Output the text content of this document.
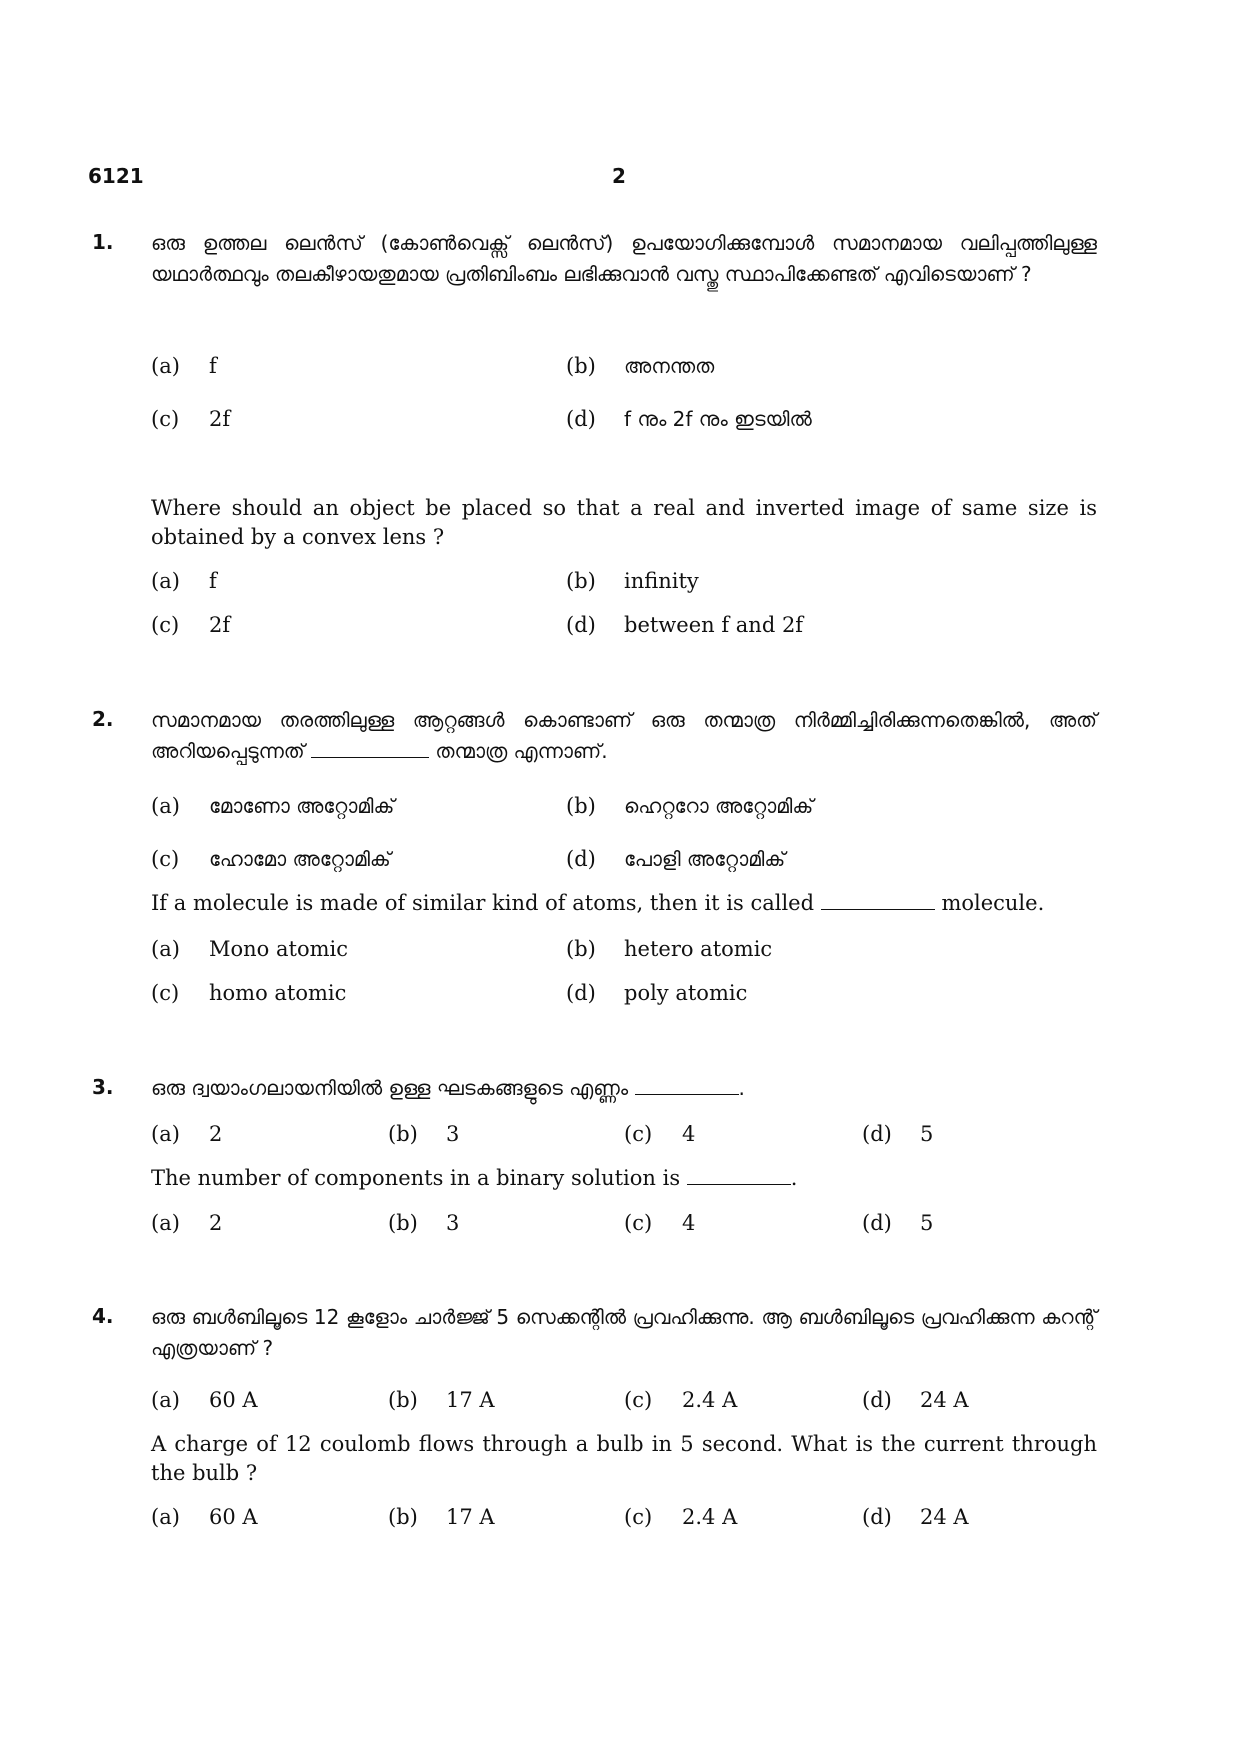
6121	2
1. ഒരു ഉത്തല ലെൻസ് (കോൺവെക്സ് ലെൻസ്) ഉപയോഗിക്കുമ്പോൾ സമാനമായ വലിപ്പത്തിലുള്ള യഥാർത്ഥവും തലകീഴായതുമായ പ്രതിബിംബം ലഭിക്കുവാൻ വസ്തു സ്ഥാപിക്കേണ്ടത് എവിടെയാണ് ?
(a) f	(b) അനന്തത
(c) 2f	(d) f നും 2f നും ഇടയിൽ
Where should an object be placed so that a real and inverted image of same size is obtained by a convex lens ?
(a) f	(b) infinity
(c) 2f	(d) between f and 2f
2. സമാനമായ തരത്തിലുള്ള ആറ്റങ്ങൾ കൊണ്ടാണ് ഒരു തന്മാത്ര നിർമ്മിച്ചിരിക്കുന്നതെങ്കിൽ, അത് അറിയപ്പെടുന്നത്	തന്മാത്ര എന്നാണ്.
(a) മോണോ അറ്റോമിക്	(b) ഹെറ്ററോ അറ്റോമിക്
(c) ഹോമോ അറ്റോമിക്	(d) പോളി അറ്റോമിക്
If a molecule is made of similar kind of atoms, then it is called	molecule.
(a) Mono atomic	(b) hetero atomic
(c) homo atomic	(d) poly atomic
3. ഒരു ദ്വയാംഗലായനിയിൽ ഉള്ള ഘടകങ്ങളുടെ എണ്ണം	.
(a) 2	(b) 3	(c) 4	(d) 5
The number of components in a binary solution is	.
(a) 2	(b) 3	(c) 4	(d) 5
4. ഒരു ബൾബിലൂടെ 12 കൂളോം ചാർജ്ജ് 5 സെക്കന്റിൽ പ്രവഹിക്കുന്നു. ആ ബൾബിലൂടെ പ്രവഹിക്കുന്ന കറന്റ് എത്രയാണ് ?
(a) 60 A	(b) 17 A	(c) 2.4 A	(d) 24 A
A charge of 12 coulomb flows through a bulb in 5 second. What is the current through the bulb ?
(a) 60 A	(b) 17 A	(c) 2.4 A	(d) 24 A
